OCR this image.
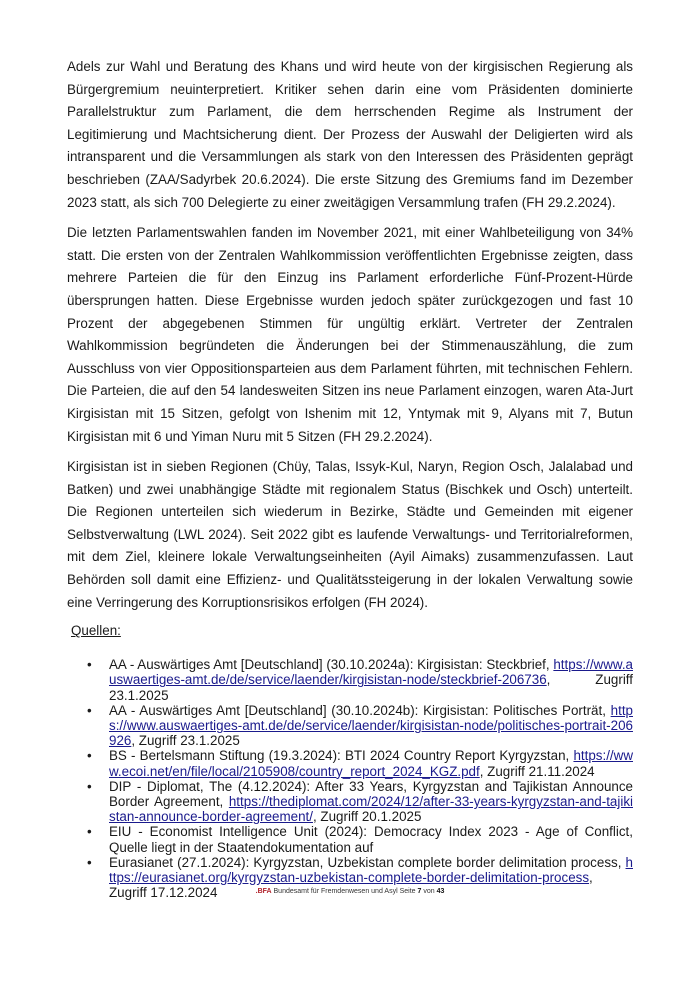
Adels zur Wahl und Beratung des Khans und wird heute von der kirgisischen Regierung als Bürgergremium neuinterpretiert. Kritiker sehen darin eine vom Präsidenten dominierte Parallelstruktur zum Parlament, die dem herrschenden Regime als Instrument der Legitimierung und Machtsicherung dient. Der Prozess der Auswahl der Deligierten wird als intransparent und die Versammlungen als stark von den Interessen des Präsidenten geprägt beschrieben (ZAA/Sadyrbek 20.6.2024). Die erste Sitzung des Gremiums fand im Dezember 2023 statt, als sich 700 Delegierte zu einer zweitägigen Versammlung trafen (FH 29.2.2024).

Die letzten Parlamentswahlen fanden im November 2021, mit einer Wahlbeteiligung von 34% statt. Die ersten von der Zentralen Wahlkommission veröffentlichten Ergebnisse zeigten, dass mehrere Parteien die für den Einzug ins Parlament erforderliche Fünf-Prozent-Hürde übersprungen hatten. Diese Ergebnisse wurden jedoch später zurückgezogen und fast 10 Prozent der abgegebenen Stimmen für ungültig erklärt. Vertreter der Zentralen Wahlkommission begründeten die Änderungen bei der Stimmenauszählung, die zum Ausschluss von vier Oppositionsparteien aus dem Parlament führten, mit technischen Fehlern. Die Parteien, die auf den 54 landesweiten Sitzen ins neue Parlament einzogen, waren Ata-Jurt Kirgisistan mit 15 Sitzen, gefolgt von Ishenim mit 12, Yntymak mit 9, Alyans mit 7, Butun Kirgisistan mit 6 und Yiman Nuru mit 5 Sitzen (FH 29.2.2024).

Kirgisistan ist in sieben Regionen (Chüy, Talas, Issyk-Kul, Naryn, Region Osch, Jalalabad und Batken) und zwei unabhängige Städte mit regionalem Status (Bischkek und Osch) unterteilt. Die Regionen unterteilen sich wiederum in Bezirke, Städte und Gemeinden mit eigener Selbstverwaltung (LWL 2024). Seit 2022 gibt es laufende Verwaltungs- und Territorialreformen, mit dem Ziel, kleinere lokale Verwaltungseinheiten (Ayil Aimaks) zusammenzufassen. Laut Behörden soll damit eine Effizienz- und Qualitätssteigerung in der lokalen Verwaltung sowie eine Verringerung des Korruptionsrisikos erfolgen (FH 2024).

Quellen:
• AA - Auswärtiges Amt [Deutschland] (30.10.2024a): Kirgisistan: Steckbrief, https://www.auswaertiges-amt.de/de/service/laender/kirgisistan-node/steckbrief-206736, Zugriff 23.1.2025
• AA - Auswärtiges Amt [Deutschland] (30.10.2024b): Kirgisistan: Politisches Porträt, https://www.auswaertiges-amt.de/de/service/laender/kirgisistan-node/politisches-portrait-206926, Zugriff 23.1.2025
• BS - Bertelsmann Stiftung (19.3.2024): BTI 2024 Country Report Kyrgyzstan, https://www.ecoi.net/en/file/local/2105908/country_report_2024_KGZ.pdf, Zugriff 21.11.2024
• DIP - Diplomat, The (4.12.2024): After 33 Years, Kyrgyzstan and Tajikistan Announce Border Agreement, https://thediplomat.com/2024/12/after-33-years-kyrgyzstan-and-tajikistan-announce-border-agreement/, Zugriff 20.1.2025
• EIU - Economist Intelligence Unit (2024): Democracy Index 2023 - Age of Conflict, Quelle liegt in der Staatendokumentation auf
• Eurasianet (27.1.2024): Kyrgyzstan, Uzbekistan complete border delimitation process, https://eurasianet.org/kyrgyzstan-uzbekistan-complete-border-delimitation-process, Zugriff 17.12.2024	.BFA Bundesamt für Fremdenwesen und Asyl Seite 7 von 43
